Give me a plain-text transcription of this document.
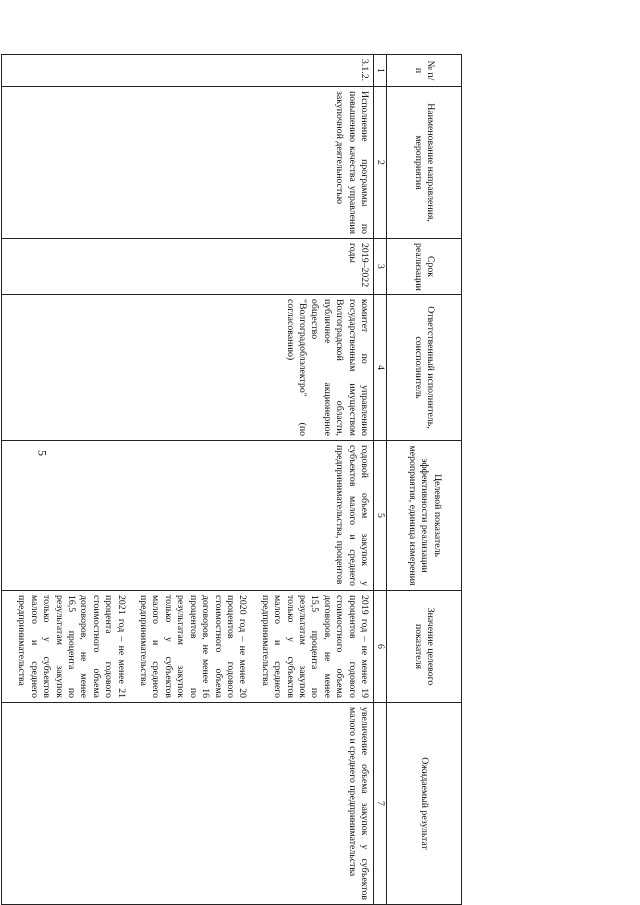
5
№ п/п	Наименование направления, мероприятия	Срок реализации	Ответственный исполнитель, соисполнитель	Целевой показатель эффективности реализации мероприятия, единица измерения	Значение целевого показателя	Ожидаемый результат
1	2	3	4	5	6	7
3.1.2.	Исполнение программы по повышению качества управления закупочной деятельностью	2019–2022 годы	комитет по управлению государственным имуществом Волгоградской области, публичное акционерное общество "Волгоградоблэлектро" (по согласованию)	годовой объем закупок у субъектов малого и среднего предпринимательства, процентов	2019 год – не менее 19 процентов годового стоимостного объема договоров, не менее 15,5 процента по результатам закупок только у субъектов малого и среднего предпринимательства
2020 год – не менее 20 процентов годового стоимостного объема договоров, не менее 16 процентов по результатам закупок только у субъектов малого и среднего предпринимательства
2021 год – не менее 21 процента годового стоимостного объема договоров, не менее 16,5 процента по результатам закупок только у субъектов малого и среднего предпринимательства	увеличение объема закупок у субъектов малого и среднего предпринимательства
